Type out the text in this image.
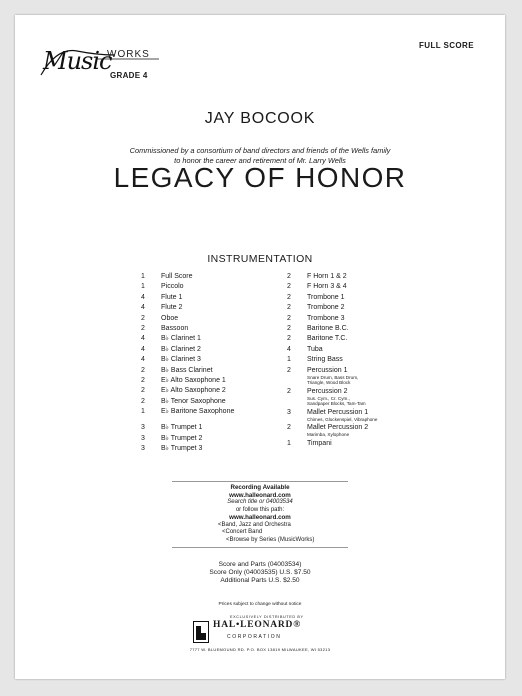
Music
WORKS
GRADE 4
FULL SCORE
JAY BOCOOK
Commissioned by a consortium of band directors and friends of the Wells family
to honor the career and retirement of Mr. Larry Wells
LEGACY OF HONOR
INSTRUMENTATION
1 Full Score
1 Piccolo
4 Flute 1
4 Flute 2
2 Oboe
2 Bassoon
4 B♭ Clarinet 1
4 B♭ Clarinet 2
4 B♭ Clarinet 3
2 B♭ Bass Clarinet
2 E♭ Alto Saxophone 1
2 E♭ Alto Saxophone 2
2 B♭ Tenor Saxophone
1 E♭ Baritone Saxophone
3 B♭ Trumpet 1
3 B♭ Trumpet 2
3 B♭ Trumpet 3
2 F Horn 1 & 2
2 F Horn 3 & 4
2 Trombone 1
2 Trombone 2
2 Trombone 3
2 Baritone B.C.
2 Baritone T.C.
4 Tuba
1 String Bass
2 Percussion 1
Snare Drum, Bass Drum,
Triangle, Wood Block
2 Percussion 2
Sus. Cym., Cr. Cym.,
Sandpaper Blocks, Tam-Tam
3 Mallet Percussion 1
Chimes, Glockenspiel, Vibraphone
2 Mallet Percussion 2
Marimba, Xylophone
1 Timpani
Recording Available
www.halleonard.com
Search title or 04003534
or follow this path:
www.halleonard.com
<Band, Jazz and Orchestra
<Concert Band
<Browse by Series (MusicWorks)
Score and Parts (04003534)
Score Only (04003535) U.S. $7.50
Additional Parts U.S. $2.50
Prices subject to change without notice
EXCLUSIVELY DISTRIBUTED BY
HAL•LEONARD®
CORPORATION
7777 W. BLUEMOUND RD. P.O. BOX 13819 MILWAUKEE, WI 53213
